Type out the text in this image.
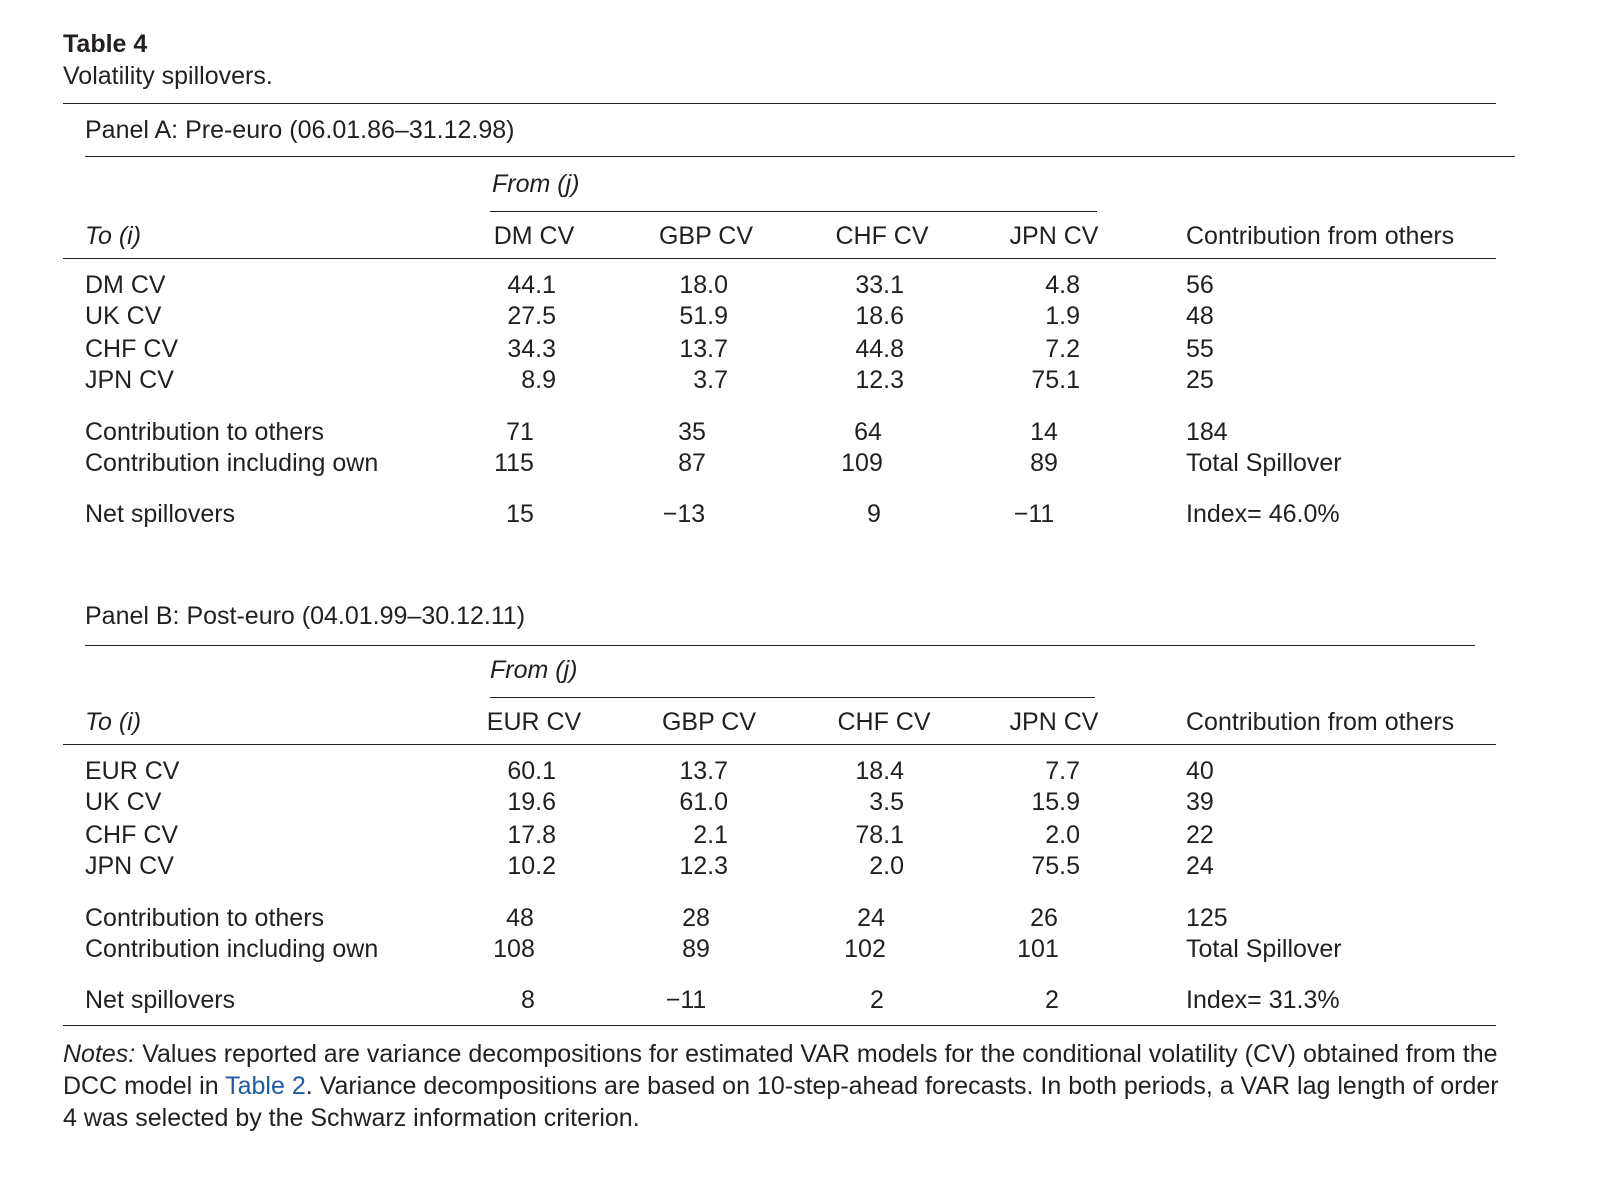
Table 4
Volatility spillovers.
Panel A: Pre-euro (06.01.86–31.12.98)
From (j)
To (i)	DM CV	GBP CV	CHF CV	JPN CV	Contribution from others
DM CV	44.1	18.0	33.1	4.8	56
UK CV	27.5	51.9	18.6	1.9	48
CHF CV	34.3	13.7	44.8	7.2	55
JPN CV	8.9	3.7	12.3	75.1	25
Contribution to others	71	35	64	14	184
Contribution including own	115	87	109	89	Total Spillover
Net spillovers	15	−13	9	−11	Index= 46.0%
Panel B: Post-euro (04.01.99–30.12.11)
From (j)
To (i)	EUR CV	GBP CV	CHF CV	JPN CV	Contribution from others
EUR CV	60.1	13.7	18.4	7.7	40
UK CV	19.6	61.0	3.5	15.9	39
CHF CV	17.8	2.1	78.1	2.0	22
JPN CV	10.2	12.3	2.0	75.5	24
Contribution to others	48	28	24	26	125
Contribution including own	108	89	102	101	Total Spillover
Net spillovers	8	−11	2	2	Index= 31.3%
Notes: Values reported are variance decompositions for estimated VAR models for the conditional volatility (CV) obtained from the DCC model in Table 2. Variance decompositions are based on 10-step-ahead forecasts. In both periods, a VAR lag length of order 4 was selected by the Schwarz information criterion.
